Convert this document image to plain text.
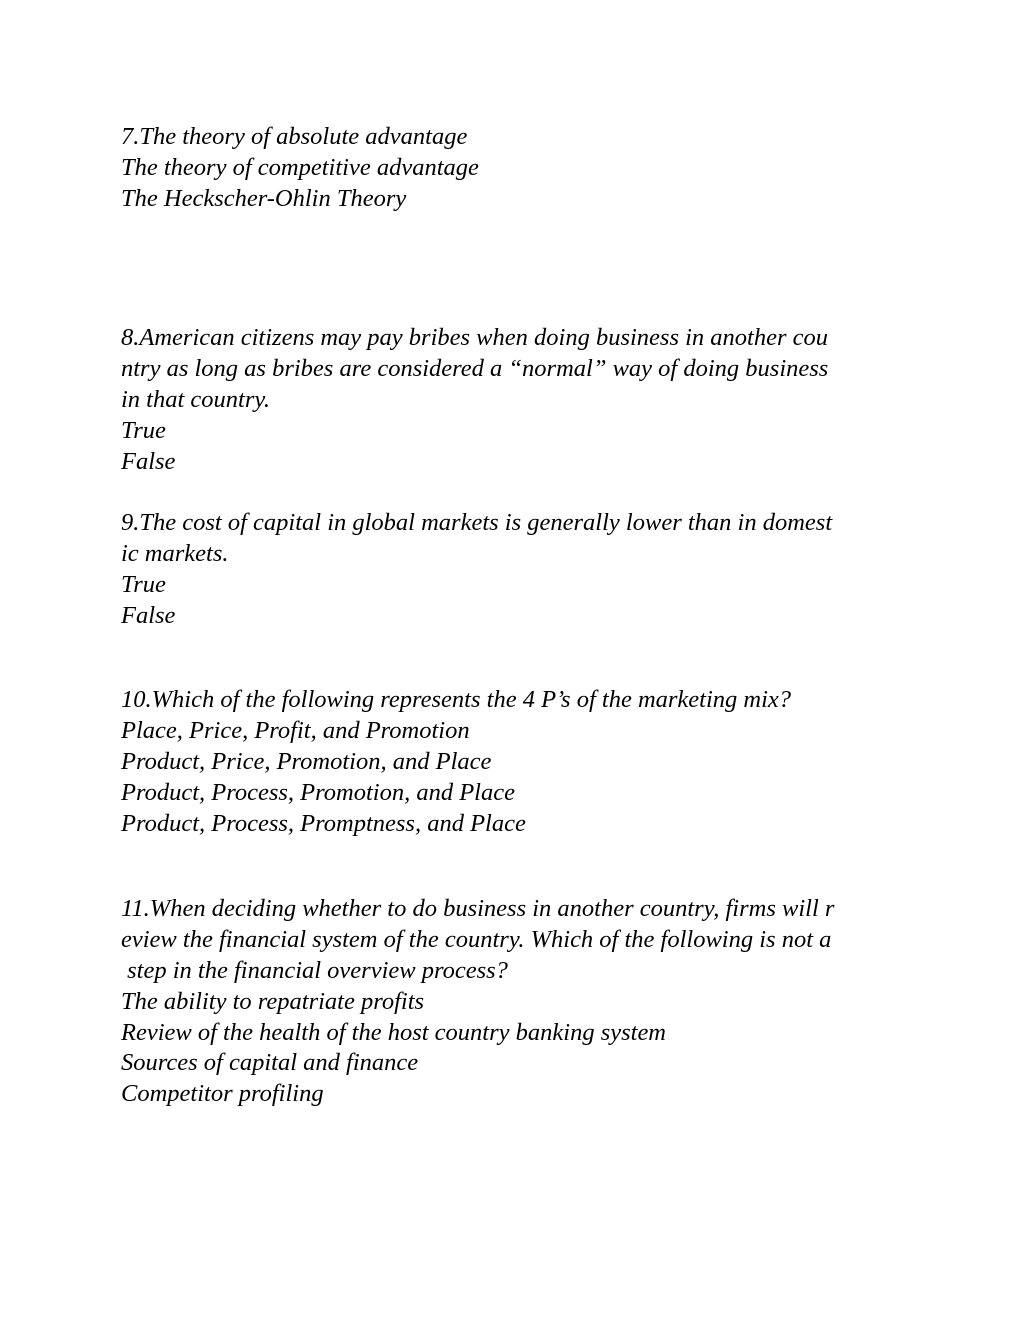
7.The theory of absolute advantage

The theory of competitive advantage

The Heckscher-Ohlin Theory

8.American citizens may pay bribes when doing business in another cou

ntry as long as bribes are considered a “normal” way of doing business

in that country.

True

False

9.The cost of capital in global markets is generally lower than in domest

ic markets.

True

False

10.Which of the following represents the 4 P’s of the marketing mix?

Place, Price, Profit, and Promotion

Product, Price, Promotion, and Place

Product, Process, Promotion, and Place

Product, Process, Promptness, and Place

11.When deciding whether to do business in another country, firms will r

eview the financial system of the country. Which of the following is not a

step in the financial overview process?

The ability to repatriate profits

Review of the health of the host country banking system

Sources of capital and finance

Competitor profiling
